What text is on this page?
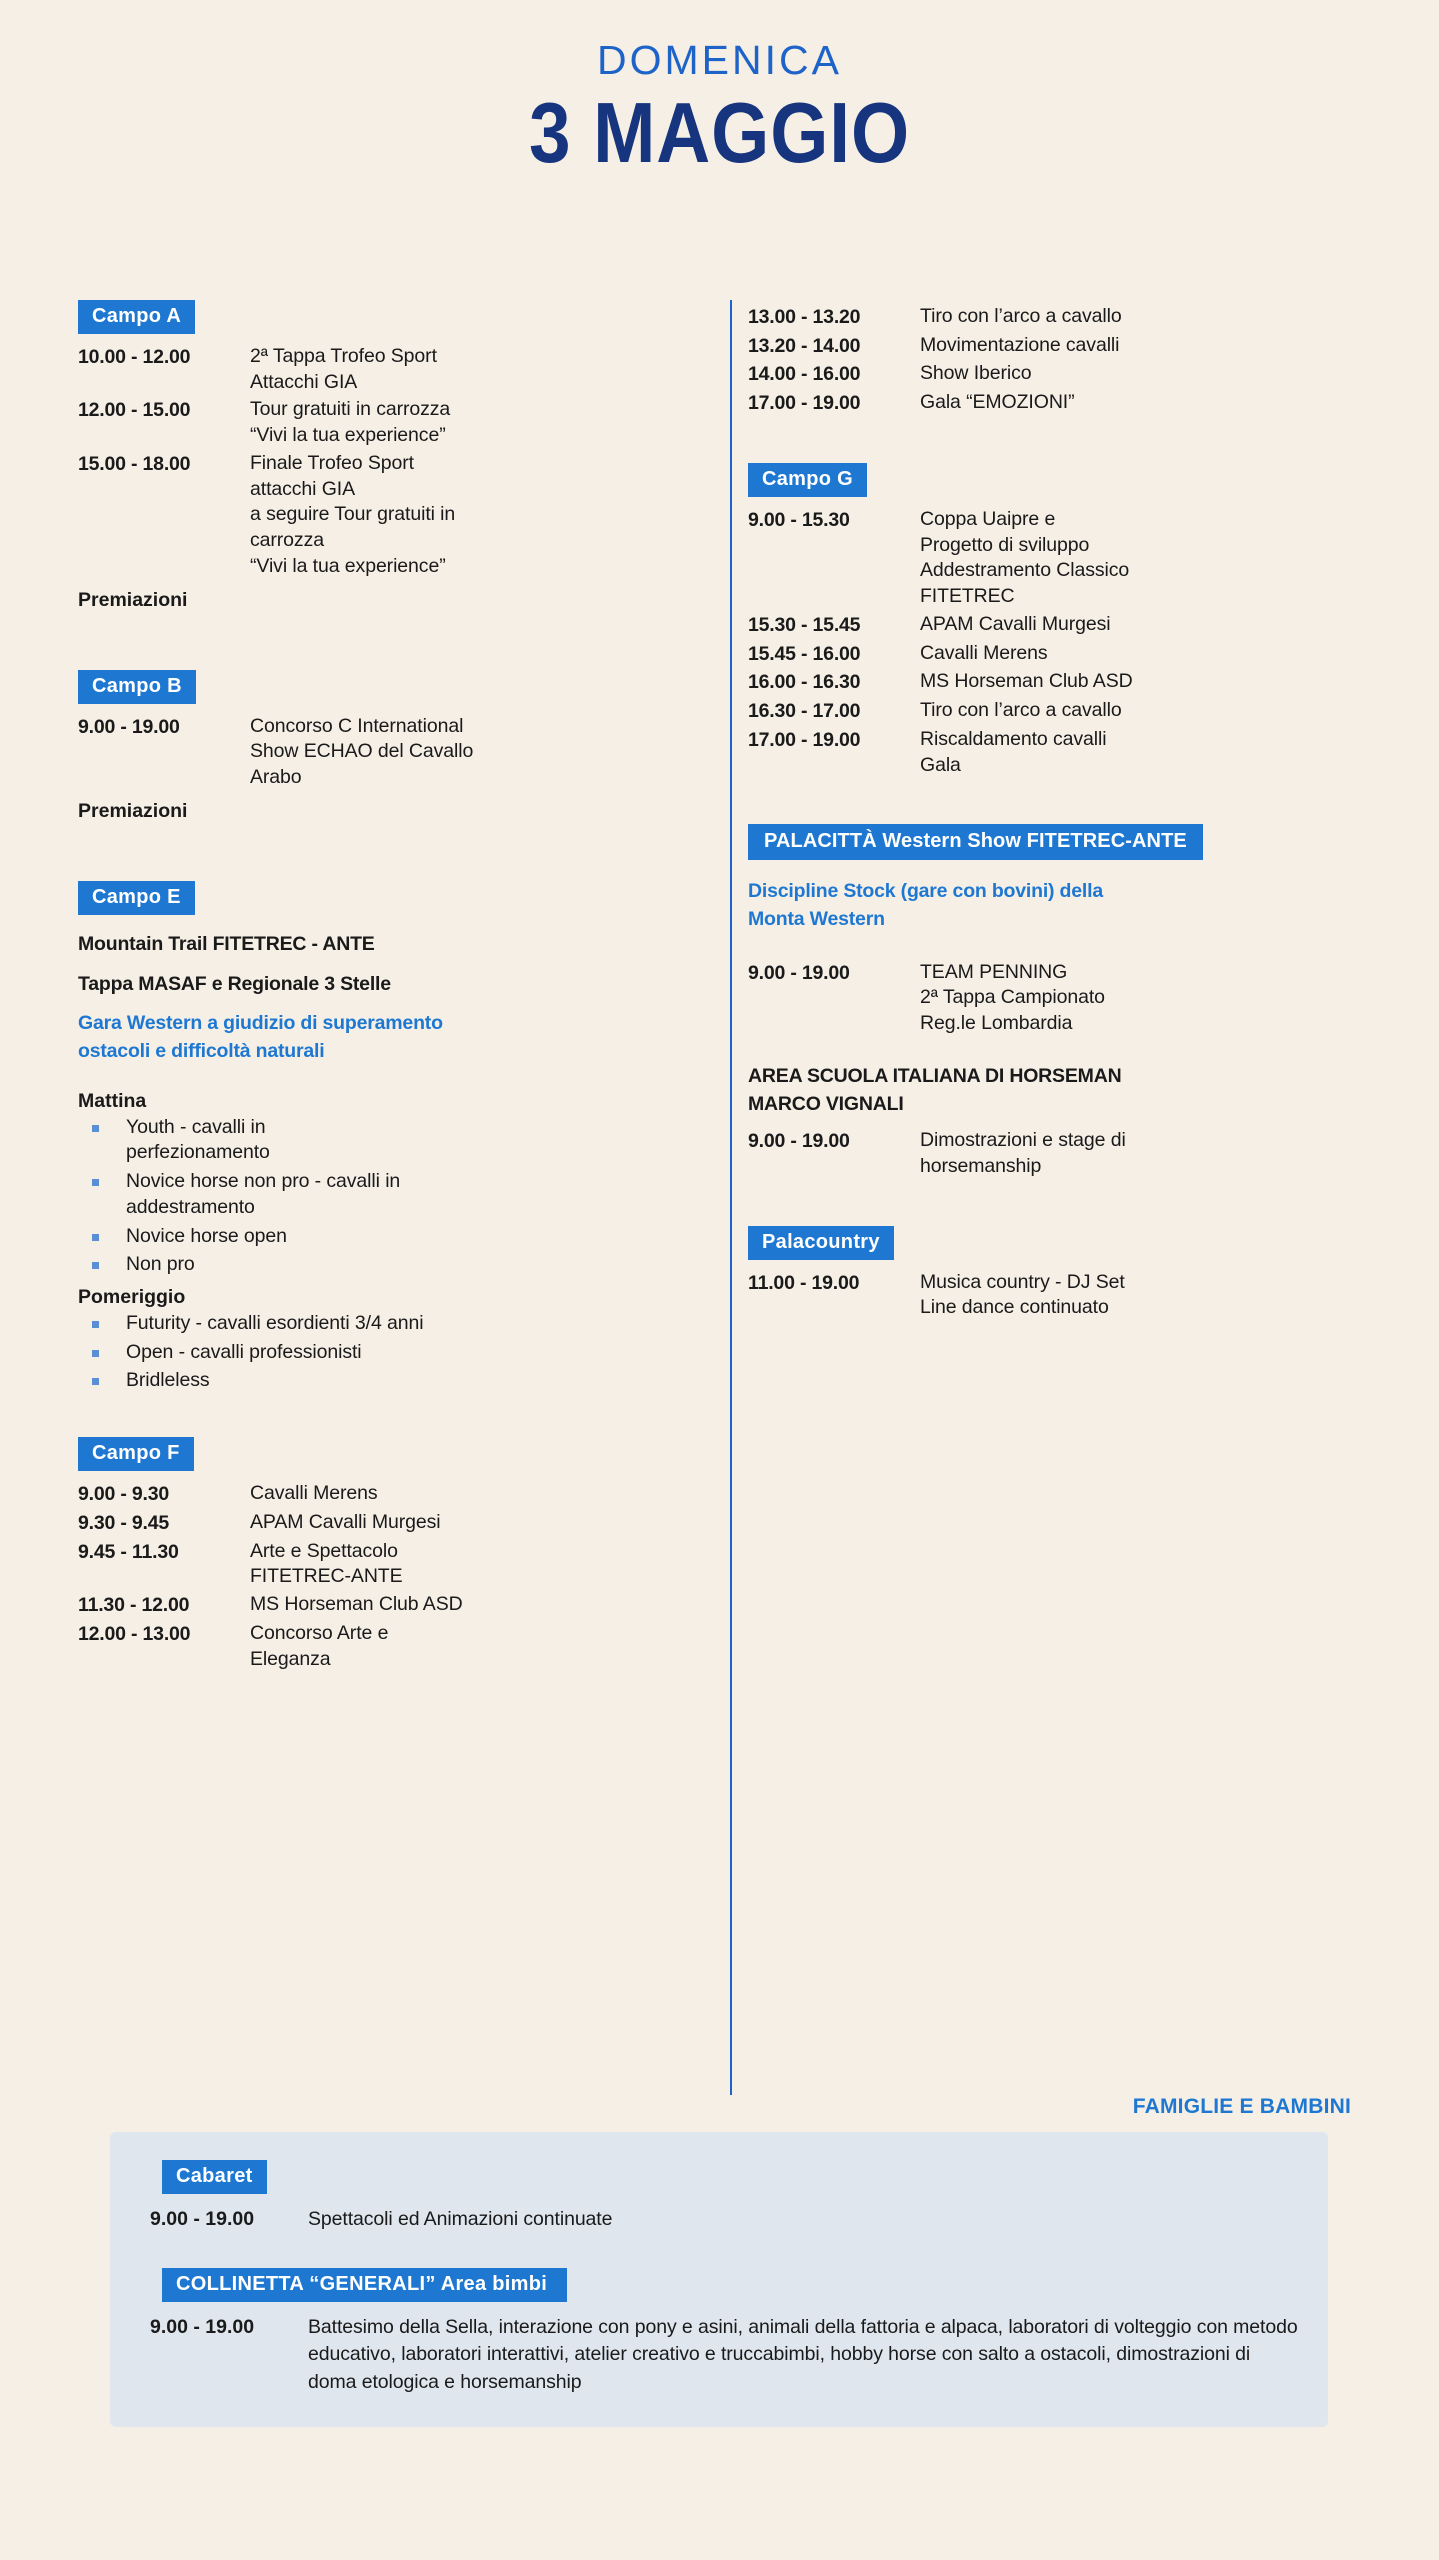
DOMENICA
3 MAGGIO
Campo A
10.00 - 12.00	2ª Tappa Trofeo Sport
Attacchi GIA
12.00 - 15.00	Tour gratuiti in carrozza
“Vivi la tua experience”
15.00 - 18.00	Finale Trofeo Sport
attacchi GIA
a seguire Tour gratuiti in
carrozza
“Vivi la tua experience”
Premiazioni
Campo B
9.00 - 19.00	Concorso C International
Show ECHAO del Cavallo
Arabo
Premiazioni
Campo E
Mountain Trail FITETREC - ANTE
Tappa MASAF e Regionale 3 Stelle
Gara Western a giudizio di superamento
ostacoli e difficoltà naturali
Mattina
Youth - cavalli in
perfezionamento
Novice horse non pro - cavalli in
addestramento
Novice horse open
Non pro
Pomeriggio
Futurity - cavalli esordienti 3/4 anni
Open - cavalli professionisti
Bridleless
Campo F
9.00 - 9.30	Cavalli Merens
9.30 - 9.45	APAM Cavalli Murgesi
9.45 - 11.30	Arte e Spettacolo
FITETREC-ANTE
11.30 - 12.00	MS Horseman Club ASD
12.00 - 13.00	Concorso Arte e
Eleganza
13.00 - 13.20	Tiro con l’arco a cavallo
13.20 - 14.00	Movimentazione cavalli
14.00 - 16.00	Show Iberico
17.00 - 19.00	Gala “EMOZIONI”
Campo G
9.00 - 15.30	Coppa Uaipre e
Progetto di sviluppo
Addestramento Classico
FITETREC
15.30 - 15.45	APAM Cavalli Murgesi
15.45 - 16.00	Cavalli Merens
16.00 - 16.30	MS Horseman Club ASD
16.30 - 17.00	Tiro con l’arco a cavallo
17.00 - 19.00	Riscaldamento cavalli
Gala
PALACITTÀ Western Show FITETREC-ANTE
Discipline Stock (gare con bovini) della
Monta Western
9.00 - 19.00	TEAM PENNING
2ª Tappa Campionato
Reg.le Lombardia
AREA SCUOLA ITALIANA DI HORSEMAN
MARCO VIGNALI
9.00 - 19.00	Dimostrazioni e stage di
horsemanship
Palacountry
11.00 - 19.00	Musica country - DJ Set
Line dance continuato
FAMIGLIE E BAMBINI
Cabaret
9.00 - 19.00	Spettacoli ed Animazioni continuate
COLLINETTA “GENERALI” Area bimbi
9.00 - 19.00	Battesimo della Sella, interazione con pony e asini, animali della fattoria e alpaca, laboratori di volteggio con metodo educativo, laboratori interattivi, atelier creativo e truccabimbi, hobby horse con salto a ostacoli, dimostrazioni di doma etologica e horsemanship
